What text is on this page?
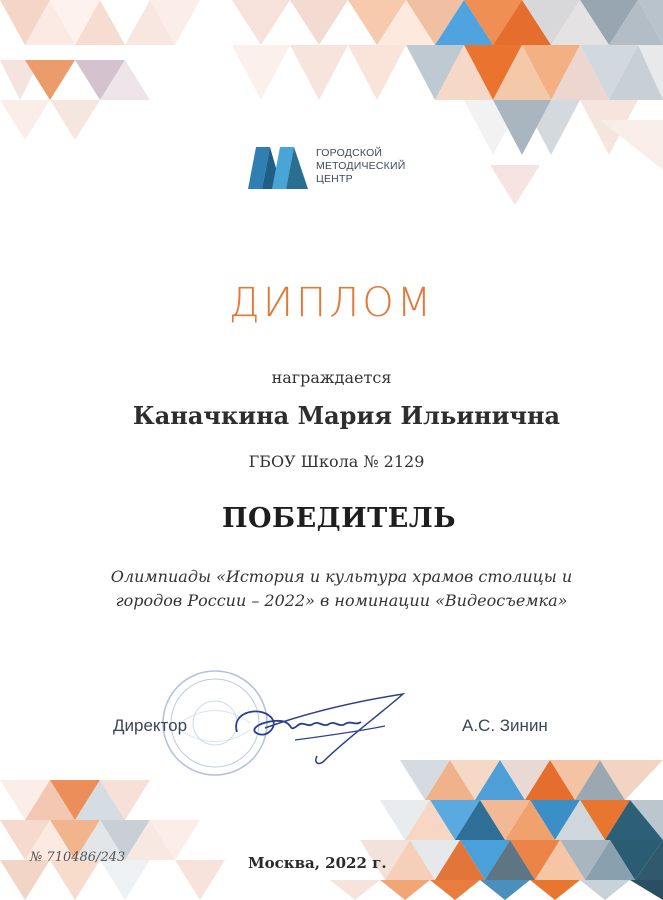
ГОРОДСКОЙ
МЕТОДИЧЕСКИЙ
ЦЕНТР
ДИПЛОМ
награждается
Каначкина Мария Ильинична
ГБОУ Школа № 2129
ПОБЕДИТЕЛЬ
Олимпиады «История и культура храмов столицы и
городов России – 2022» в номинации «Видеосъемка»
Директор	А.С. Зинин
№ 710486/243	Москва, 2022 г.
